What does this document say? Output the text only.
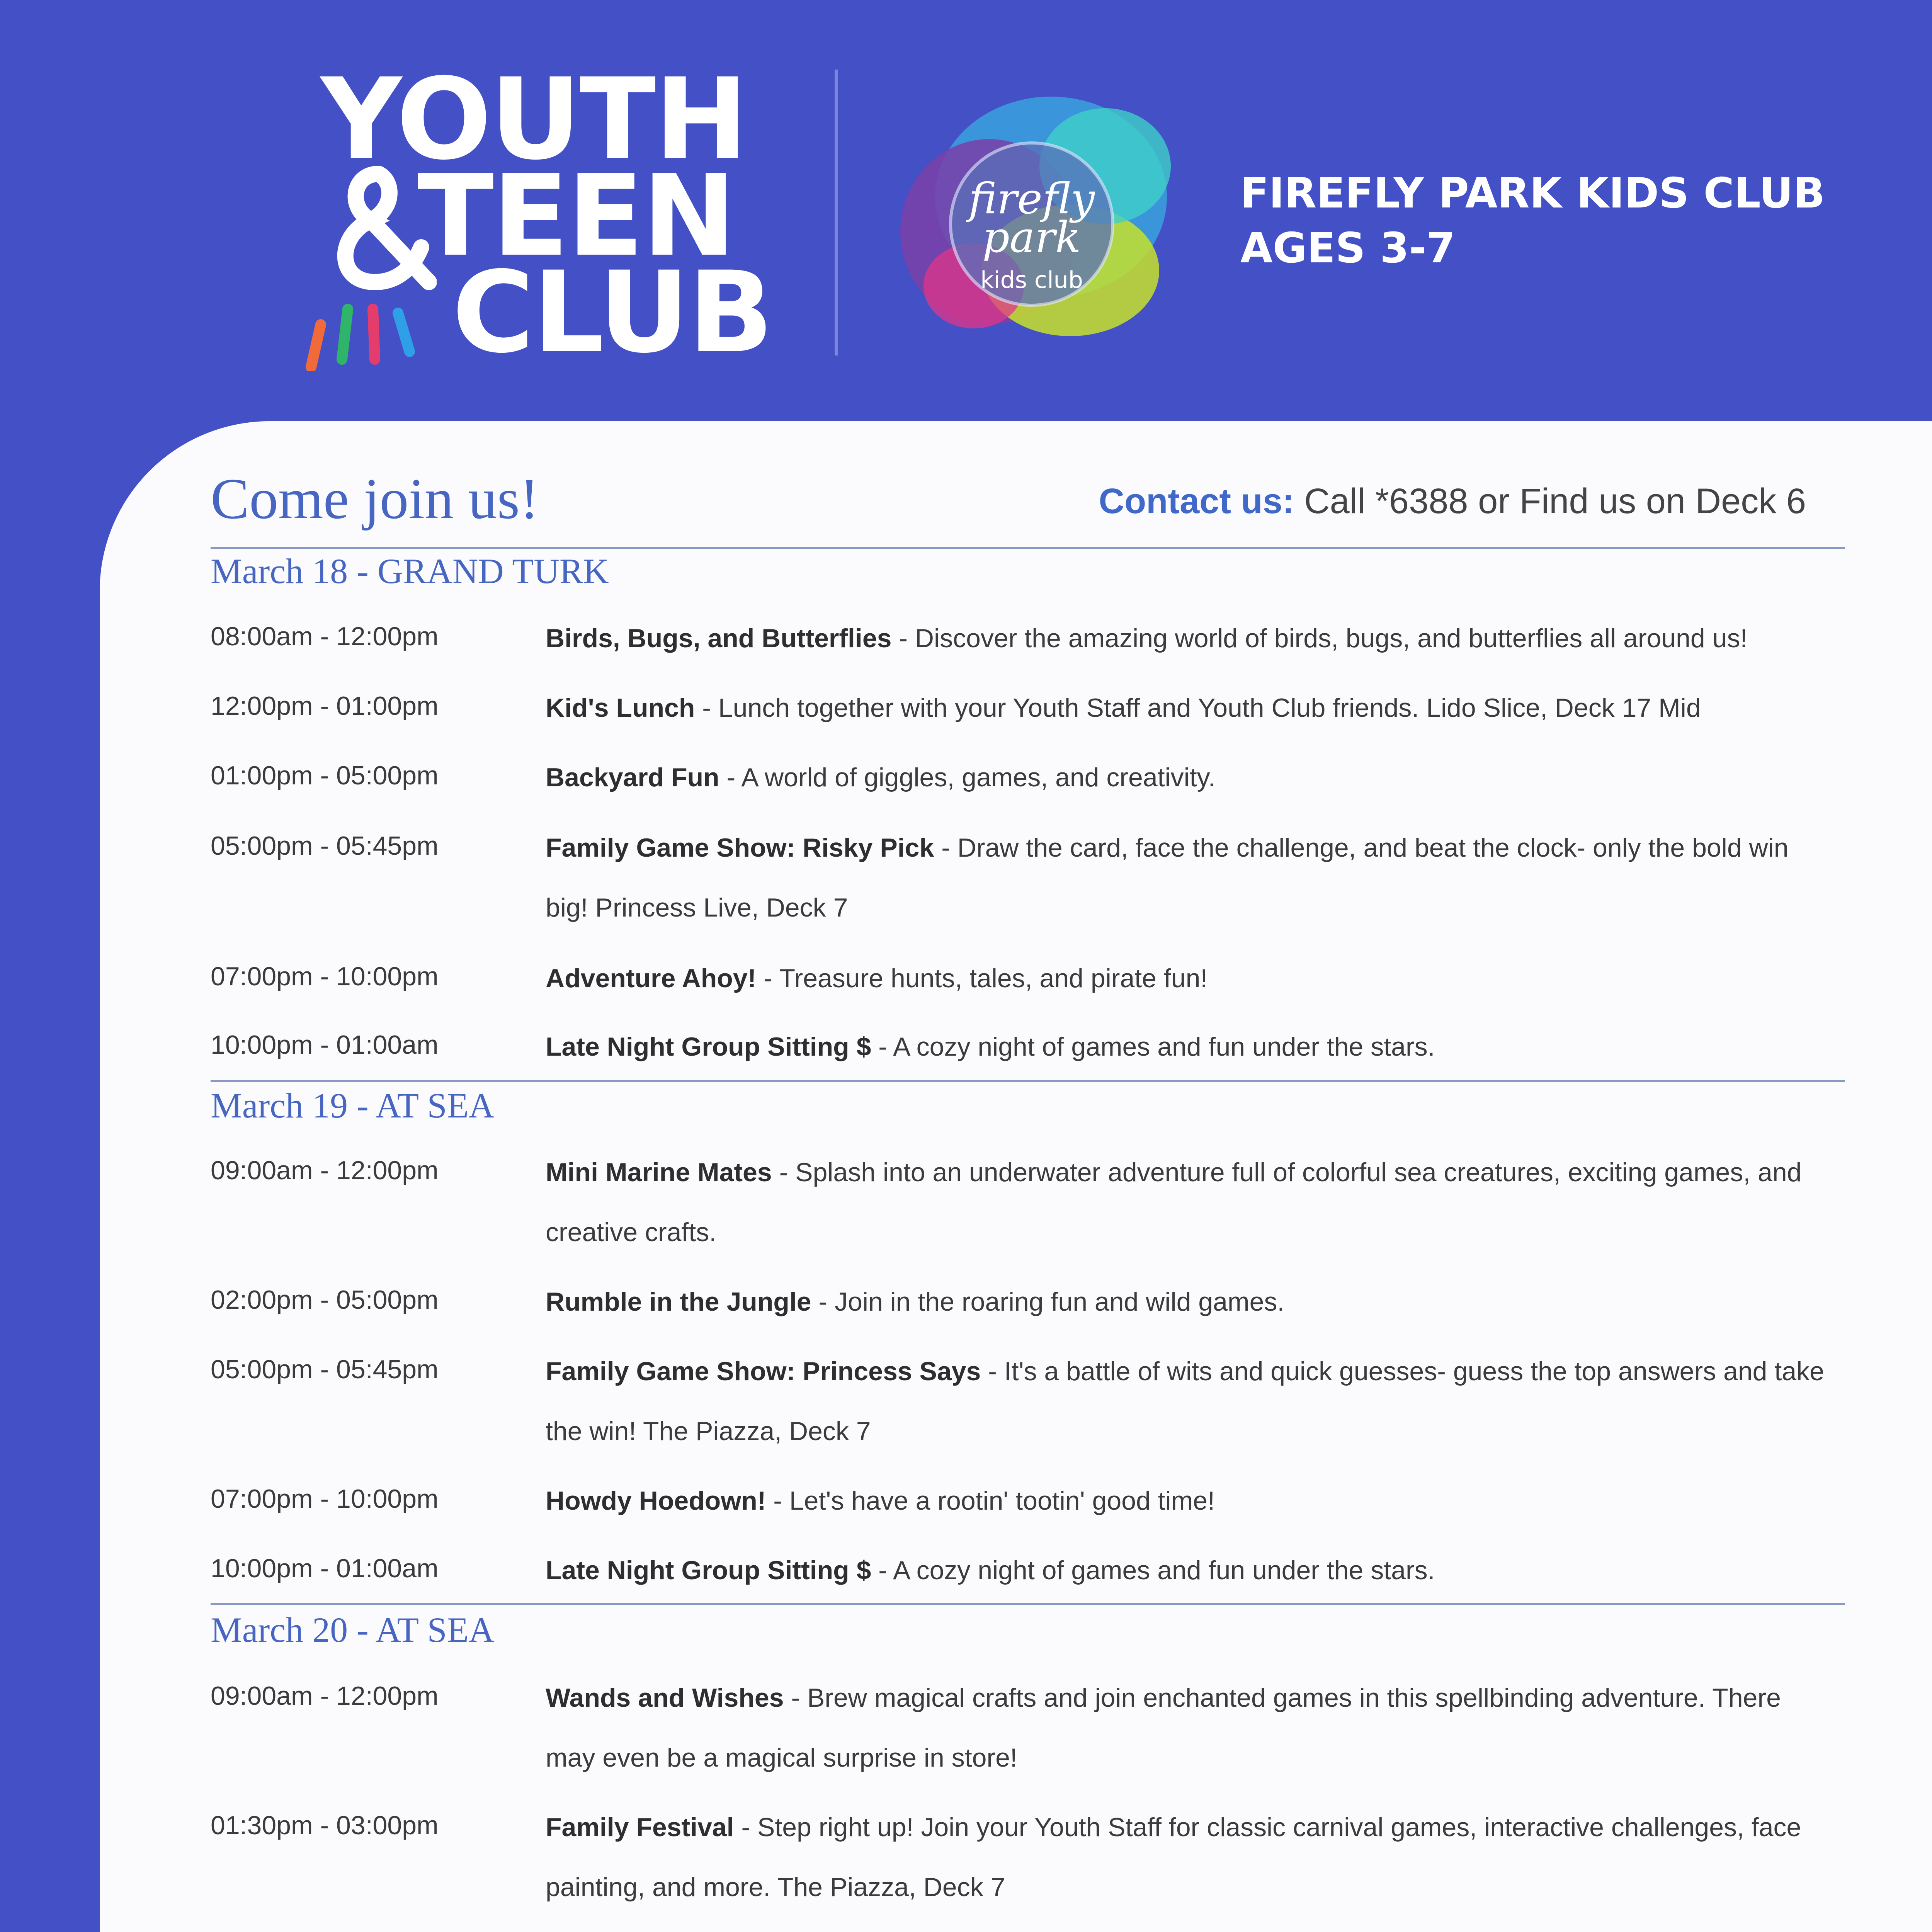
YOUTH
TEEN
CLUB
firefly
park
kids club
FIREFLY PARK KIDS CLUB
AGES 3-7
Come join us!	Contact us: Call *6388 or Find us on Deck 6
March 18 - GRAND TURK
08:00am - 12:00pm	Birds, Bugs, and Butterflies - Discover the amazing world of birds, bugs, and butterflies all around us!
12:00pm - 01:00pm	Kid's Lunch - Lunch together with your Youth Staff and Youth Club friends. Lido Slice, Deck 17 Mid
01:00pm - 05:00pm	Backyard Fun - A world of giggles, games, and creativity.
05:00pm - 05:45pm	Family Game Show: Risky Pick - Draw the card, face the challenge, and beat the clock- only the bold win big! Princess Live, Deck 7
07:00pm - 10:00pm	Adventure Ahoy! - Treasure hunts, tales, and pirate fun!
10:00pm - 01:00am	Late Night Group Sitting $ - A cozy night of games and fun under the stars.
March 19 - AT SEA
09:00am - 12:00pm	Mini Marine Mates - Splash into an underwater adventure full of colorful sea creatures, exciting games, and creative crafts.
02:00pm - 05:00pm	Rumble in the Jungle - Join in the roaring fun and wild games.
05:00pm - 05:45pm	Family Game Show: Princess Says - It's a battle of wits and quick guesses- guess the top answers and take the win! The Piazza, Deck 7
07:00pm - 10:00pm	Howdy Hoedown! - Let's have a rootin' tootin' good time!
10:00pm - 01:00am	Late Night Group Sitting $ - A cozy night of games and fun under the stars.
March 20 - AT SEA
09:00am - 12:00pm	Wands and Wishes - Brew magical crafts and join enchanted games in this spellbinding adventure. There may even be a magical surprise in store!
01:30pm - 03:00pm	Family Festival - Step right up! Join your Youth Staff for classic carnival games, interactive challenges, face painting, and more. The Piazza, Deck 7
